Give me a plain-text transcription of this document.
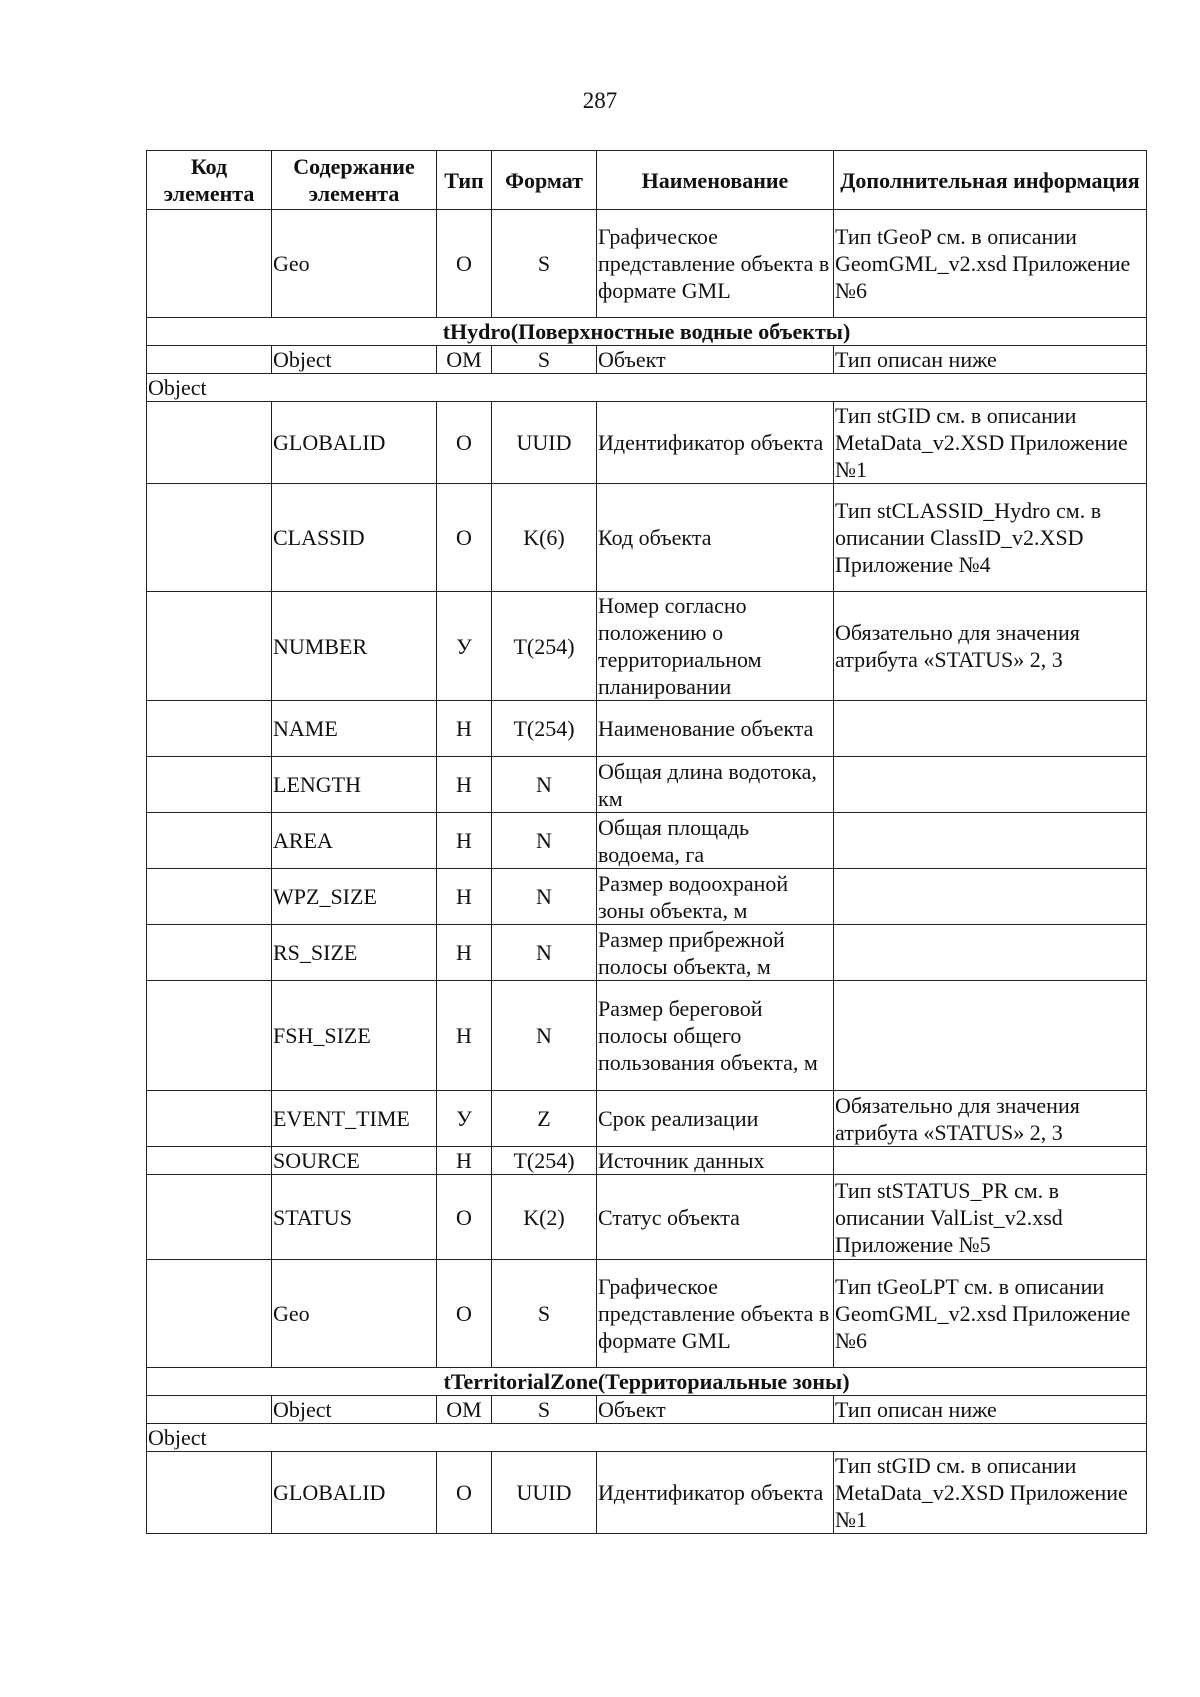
287
Код элемента	Содержание элемента	Тип	Формат	Наименование	Дополнительная информация
	Geo	О	S	Графическое представление объекта в формате GML	Тип tGeoP см. в описании GeomGML_v2.xsd Приложение №6
tHydro(Поверхностные водные объекты)					
	Object	ОМ	S	Объект	Тип описан ниже
Object					
	GLOBALID	О	UUID	Идентификатор объекта	Тип stGID см. в описании MetaData_v2.XSD Приложение №1
	CLASSID	О	K(6)	Код объекта	Тип stCLASSID_Hydro см. в описании ClassID_v2.XSD Приложение №4
	NUMBER	У	T(254)	Номер согласно положению о территориальном планировании	Обязательно для значения атрибута «STATUS» 2, 3
	NAME	Н	T(254)	Наименование объекта	
	LENGTH	Н	N	Общая длина водотока, км	
	AREA	Н	N	Общая площадь водоема, га	
	WPZ_SIZE	Н	N	Размер водоохраной зоны объекта, м	
	RS_SIZE	Н	N	Размер прибрежной полосы объекта, м	
	FSH_SIZE	Н	N	Размер береговой полосы общего пользования объекта, м	
	EVENT_TIME	У	Z	Срок реализации	Обязательно для значения атрибута «STATUS» 2, 3
	SOURCE	Н	T(254)	Источник данных	
	STATUS	О	K(2)	Статус объекта	Тип stSTATUS_PR см. в описании ValList_v2.xsd Приложение №5
	Geo	О	S	Графическое представление объекта в формате GML	Тип tGeoLPT см. в описании GeomGML_v2.xsd Приложение №6
tTerritorialZone(Территориальные зоны)					
	Object	ОМ	S	Объект	Тип описан ниже
Object					
	GLOBALID	О	UUID	Идентификатор объекта	Тип stGID см. в описании MetaData_v2.XSD Приложение №1
